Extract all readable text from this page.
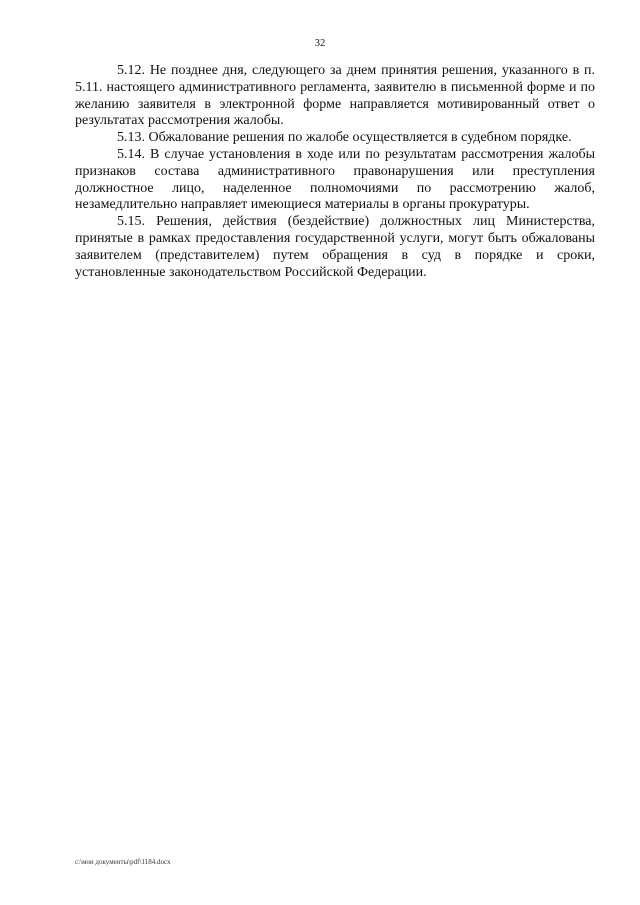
32

5.12. Не позднее дня, следующего за днем принятия решения, указанного в п. 5.11. настоящего административного регламента, заявителю в письменной форме и по желанию заявителя в электронной форме направляется мотивированный ответ о результатах рассмотрения жалобы.

5.13. Обжалование решения по жалобе осуществляется в судебном порядке.

5.14. В случае установления в ходе или по результатам рассмотрения жалобы признаков состава административного правонарушения или преступления должностное лицо, наделенное полномочиями по рассмотрению жалоб, незамедлительно направляет имеющиеся материалы в органы прокуратуры.

5.15. Решения, действия (бездействие) должностных лиц Министерства, принятые в рамках предоставления государственной услуги, могут быть обжалованы заявителем (представителем) путем обращения в суд в порядке и сроки, установленные законодательством Российской Федерации.

c:\мои документы\pdf\1184.docx
